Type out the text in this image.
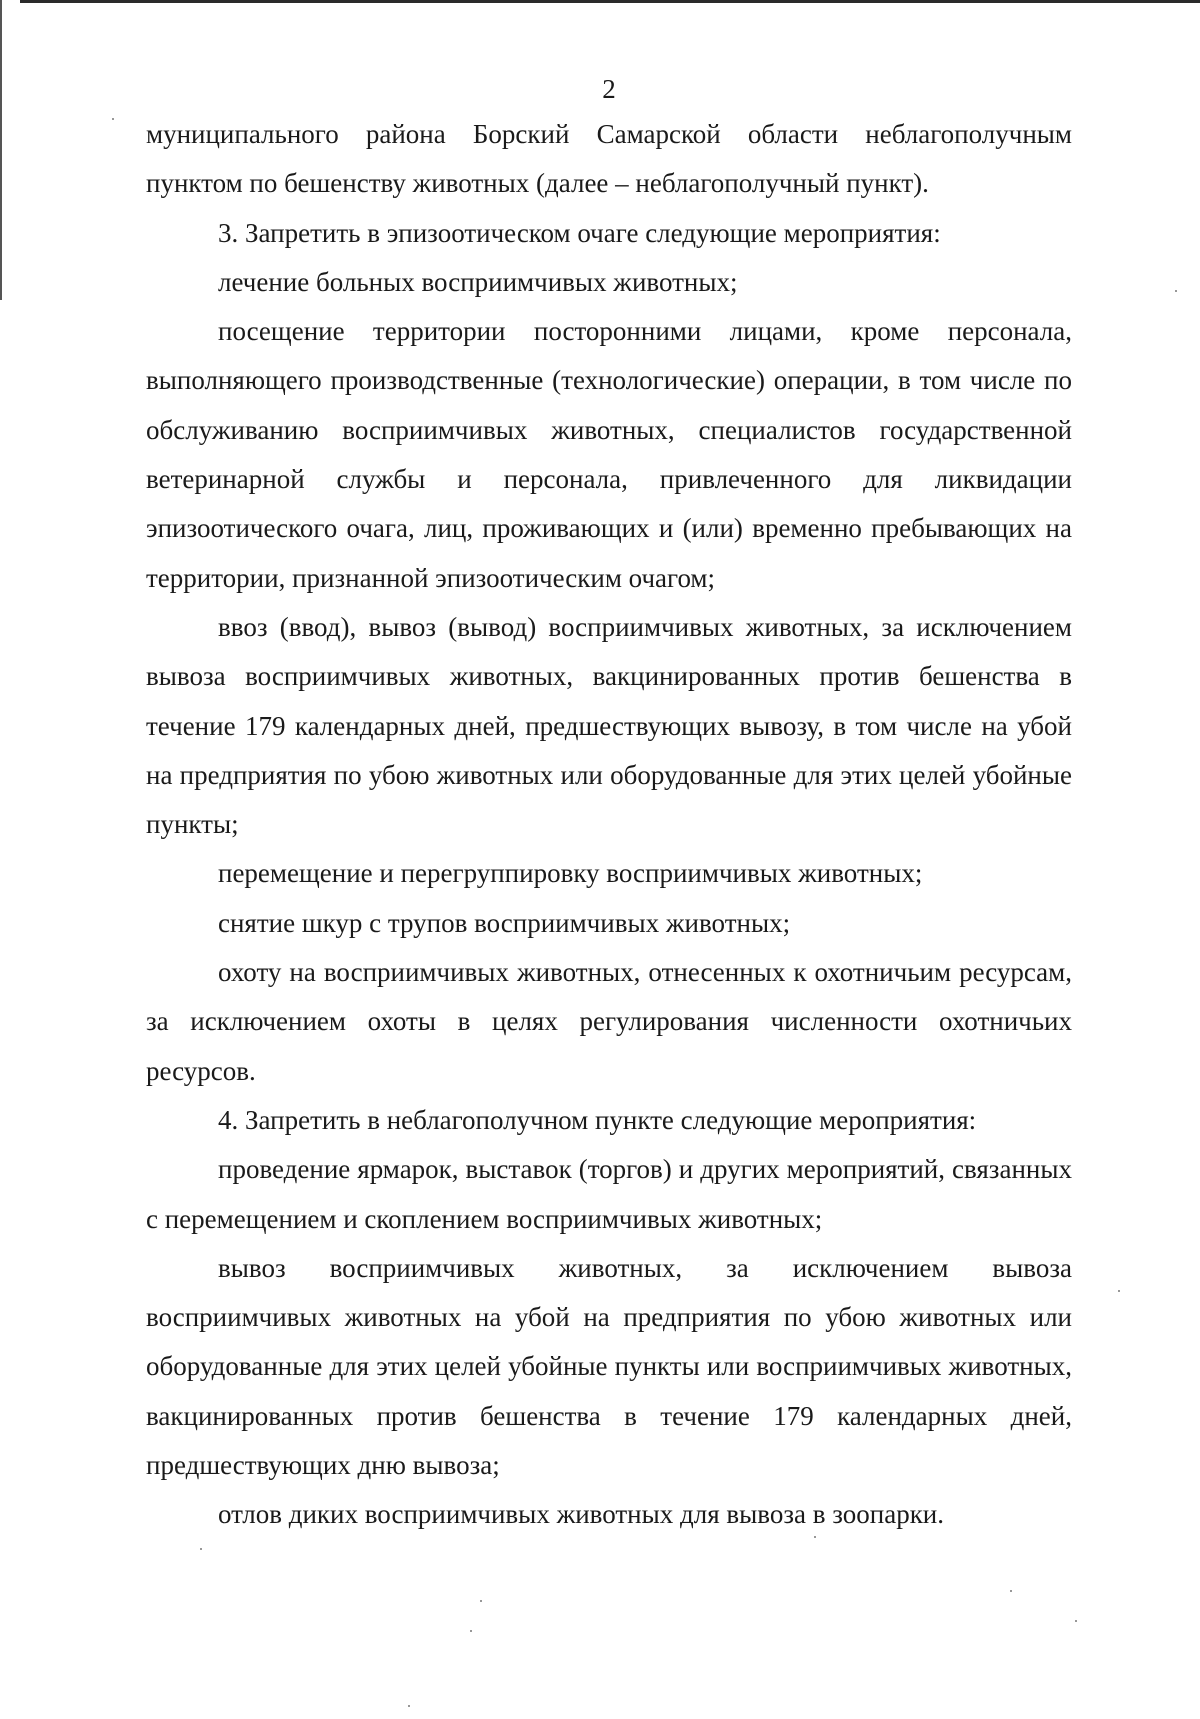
2

муниципального района Борский Самарской области неблагополучным пунктом по бешенству животных (далее – неблагополучный пункт).

3. Запретить в эпизоотическом очаге следующие мероприятия:

лечение больных восприимчивых животных;

посещение территории посторонними лицами, кроме персонала, выполняющего производственные (технологические) операции, в том числе по обслуживанию восприимчивых животных, специалистов государственной ветеринарной службы и персонала, привлеченного для ликвидации эпизоотического очага, лиц, проживающих и (или) временно пребывающих на территории, признанной эпизоотическим очагом;

ввоз (ввод), вывоз (вывод) восприимчивых животных, за исключением вывоза восприимчивых животных, вакцинированных против бешенства в течение 179 календарных дней, предшествующих вывозу, в том числе на убой на предприятия по убою животных или оборудованные для этих целей убойные пункты;

перемещение и перегруппировку восприимчивых животных;

снятие шкур с трупов восприимчивых животных;

охоту на восприимчивых животных, отнесенных к охотничьим ресурсам, за исключением охоты в целях регулирования численности охотничьих ресурсов.

4. Запретить в неблагополучном пункте следующие мероприятия:

проведение ярмарок, выставок (торгов) и других мероприятий, связанных с перемещением и скоплением восприимчивых животных;

вывоз восприимчивых животных, за исключением вывоза восприимчивых животных на убой на предприятия по убою животных или оборудованные для этих целей убойные пункты или восприимчивых животных, вакцинированных против бешенства в течение 179 календарных дней, предшествующих дню вывоза;

отлов диких восприимчивых животных для вывоза в зоопарки.
